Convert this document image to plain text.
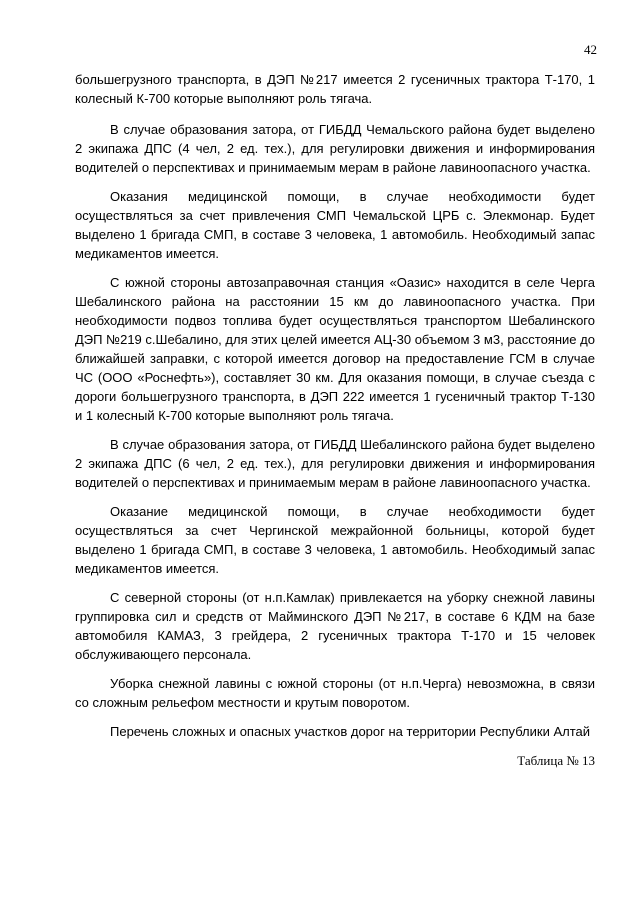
42

большегрузного транспорта, в ДЭП №217 имеется 2 гусеничных трактора Т-170, 1 колесный К-700 которые выполняют роль тягача.

В случае образования затора, от ГИБДД Чемальского района будет выделено 2 экипажа ДПС (4 чел, 2 ед. тех.), для регулировки движения и информирования водителей о перспективах и принимаемым мерам в районе лавиноопасного участка.

Оказания медицинской помощи, в случае необходимости будет осуществляться за счет привлечения СМП Чемальской ЦРБ с. Элекмонар. Будет выделено 1 бригада СМП, в составе 3 человека, 1 автомобиль. Необходимый запас медикаментов имеется.

С южной стороны автозаправочная станция «Оазис» находится в селе Черга Шебалинского района на расстоянии 15 км до лавиноопасного участка. При необходимости подвоз топлива будет осуществляться транспортом Шебалинского ДЭП №219 с.Шебалино, для этих целей имеется АЦ-30 объемом 3 м3, расстояние до ближайшей заправки, с которой имеется договор на предоставление ГСМ в случае ЧС (ООО «Роснефть»), составляет 30 км. Для оказания помощи, в случае съезда с дороги большегрузного транспорта, в ДЭП 222 имеется 1 гусеничный трактор Т-130 и 1 колесный К-700 которые выполняют роль тягача.

В случае образования затора, от ГИБДД Шебалинского района будет выделено 2 экипажа ДПС (6 чел, 2 ед. тех.), для регулировки движения и информирования водителей о перспективах и принимаемым мерам в районе лавиноопасного участка.

Оказание медицинской помощи, в случае необходимости будет осуществляться за счет Чергинской межрайонной больницы, которой будет выделено 1 бригада СМП, в составе 3 человека, 1 автомобиль. Необходимый запас медикаментов имеется.

С северной стороны (от н.п.Камлак) привлекается на уборку снежной лавины группировка сил и средств от Майминского ДЭП №217, в составе 6 КДМ на базе автомобиля КАМАЗ, 3 грейдера, 2 гусеничных трактора Т-170 и 15 человек обслуживающего персонала.

Уборка снежной лавины с южной стороны (от н.п.Черга) невозможна, в связи со сложным рельефом местности и крутым поворотом.

Перечень сложных и опасных участков дорог на территории Республики Алтай
Таблица № 13
